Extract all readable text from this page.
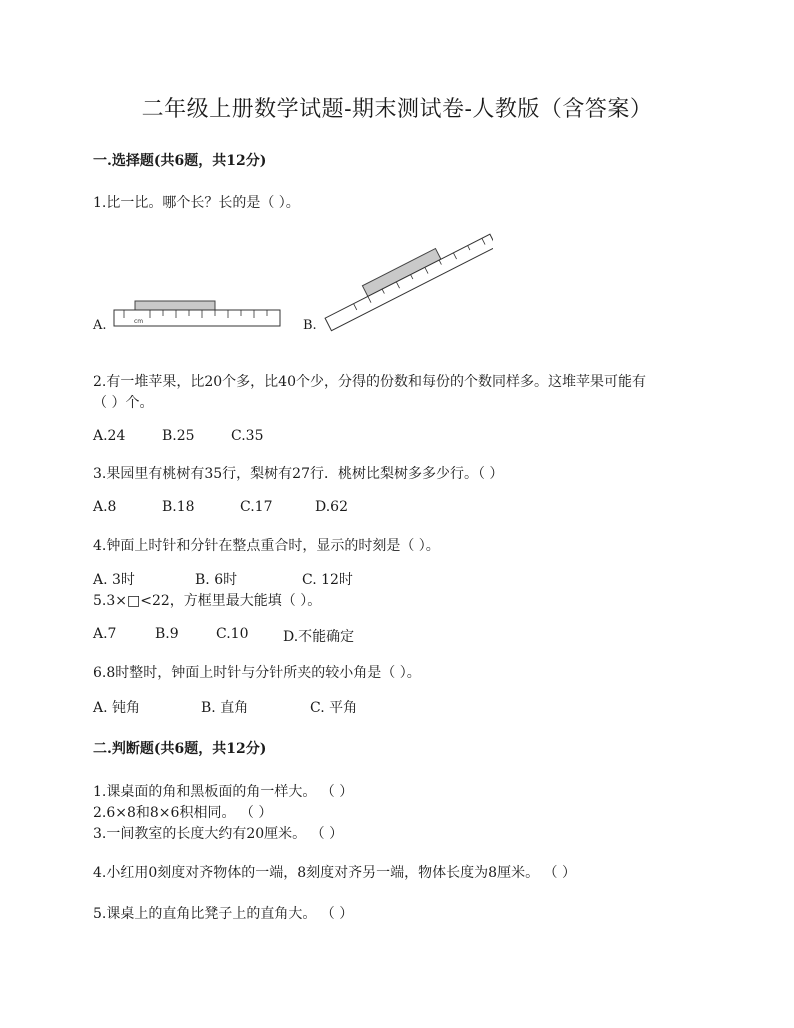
二年级上册数学试题-期末测试卷-人教版（含答案）
一.选择题(共6题，共12分)
1.比一比。哪个长？长的是（ ）。
A.	B.
cm
2.有一堆苹果，比20个多，比40个少，分得的份数和每份的个数同样多。这堆苹果可能有
（ ）个。
A.24	B.25	C.35
3.果园里有桃树有35行，梨树有27行．桃树比梨树多多少行。（ ）
A.8	B.18	C.17	D.62
4.钟面上时针和分针在整点重合时，显示的时刻是（ ）。
A. 3时	B. 6时	C. 12时
5.3×□<22，方框里最大能填（ ）。
A.7	B.9	C.10 D.不能确定
6.8时整时，钟面上时针与分针所夹的较小角是（ ）。
A. 钝角	B. 直角	C. 平角
二.判断题(共6题，共12分)
1.课桌面的角和黑板面的角一样大。 （ ）
2.6×8和8×6积相同。 （ ）
3.一间教室的长度大约有20厘米。 （ ）
4.小红用0刻度对齐物体的一端，8刻度对齐另一端，物体长度为8厘米。 （ ）
5.课桌上的直角比凳子上的直角大。 （ ）
